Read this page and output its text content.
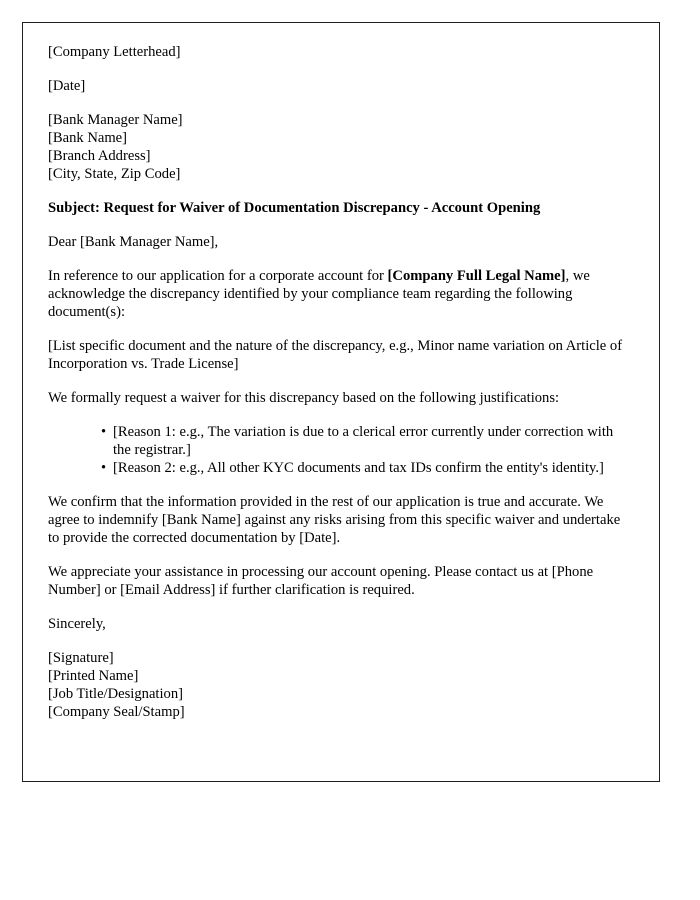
[Company Letterhead]
[Date]
[Bank Manager Name]
[Bank Name]
[Branch Address]
[City, State, Zip Code]

Subject: Request for Waiver of Documentation Discrepancy - Account Opening

Dear [Bank Manager Name],

In reference to our application for a corporate account for [Company Full Legal Name], we acknowledge the discrepancy identified by your compliance team regarding the following document(s):

[List specific document and the nature of the discrepancy, e.g., Minor name variation on Article of Incorporation vs. Trade License]

We formally request a waiver for this discrepancy based on the following justifications:

• [Reason 1: e.g., The variation is due to a clerical error currently under correction with the registrar.]
• [Reason 2: e.g., All other KYC documents and tax IDs confirm the entity's identity.]

We confirm that the information provided in the rest of our application is true and accurate. We agree to indemnify [Bank Name] against any risks arising from this specific waiver and undertake to provide the corrected documentation by [Date].

We appreciate your assistance in processing our account opening. Please contact us at [Phone Number] or [Email Address] if further clarification is required.

Sincerely,

[Signature]
[Printed Name]
[Job Title/Designation]
[Company Seal/Stamp]
